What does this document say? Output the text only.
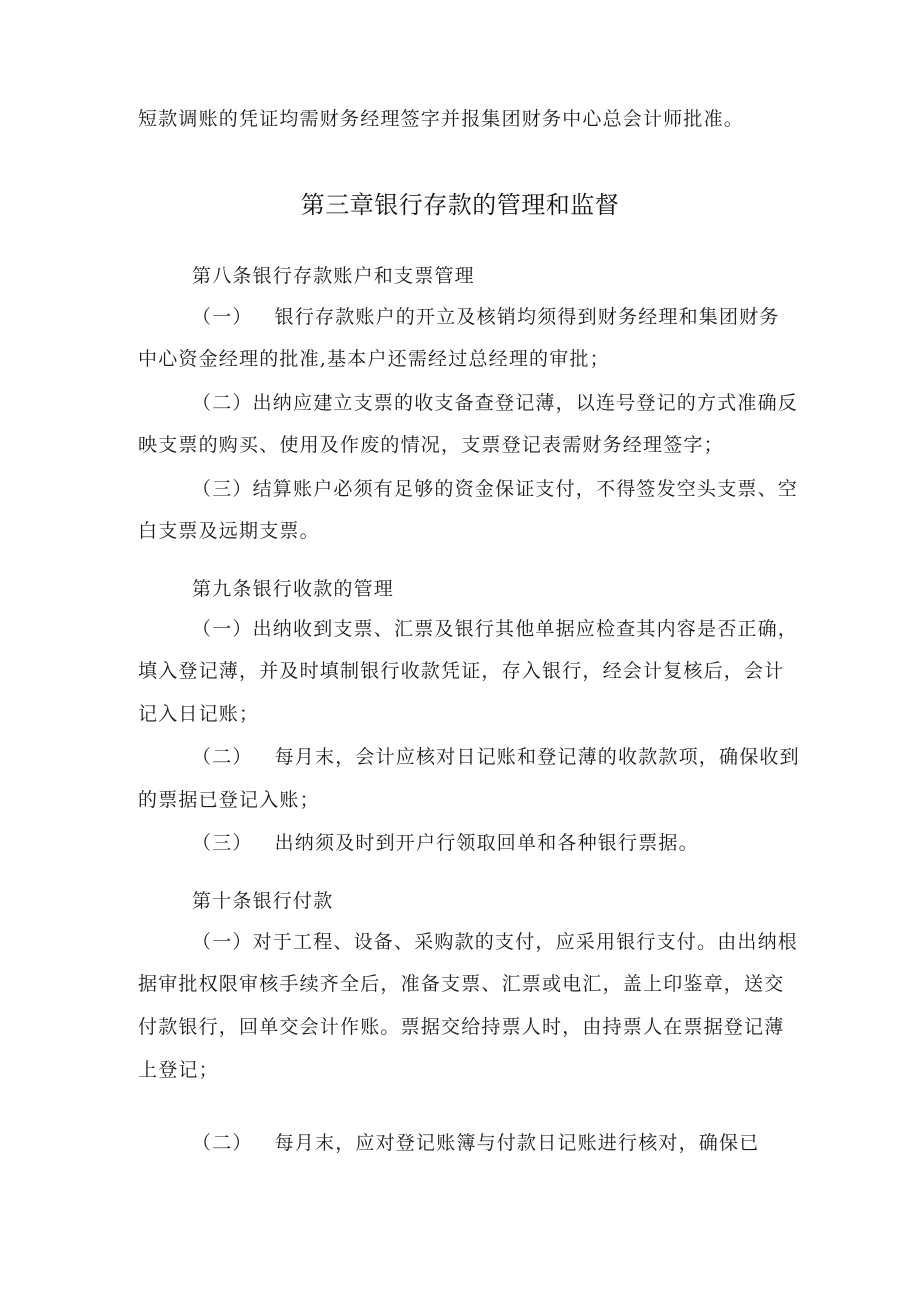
短款调账的凭证均需财务经理签字并报集团财务中心总会计师批准。
第三章银行存款的管理和监督
第八条银行存款账户和支票管理
（一） 银行存款账户的开立及核销均须得到财务经理和集团财务
中心资金经理的批准,基本户还需经过总经理的审批；
（二）出纳应建立支票的收支备查登记薄，以连号登记的方式准确反
映支票的购买、使用及作废的情况，支票登记表需财务经理签字；
（三）结算账户必须有足够的资金保证支付，不得签发空头支票、空
白支票及远期支票。
第九条银行收款的管理
（一）出纳收到支票、汇票及银行其他单据应检查其内容是否正确，
填入登记薄，并及时填制银行收款凭证，存入银行，经会计复核后，会计
记入日记账；
（二） 每月末，会计应核对日记账和登记薄的收款款项，确保收到
的票据已登记入账；
（三） 出纳须及时到开户行领取回单和各种银行票据。
第十条银行付款
（一）对于工程、设备、采购款的支付，应采用银行支付。由出纳根
据审批权限审核手续齐全后，准备支票、汇票或电汇，盖上印鉴章，送交
付款银行，回单交会计作账。票据交给持票人时，由持票人在票据登记薄
上登记；
（二） 每月末，应对登记账簿与付款日记账进行核对，确保已
